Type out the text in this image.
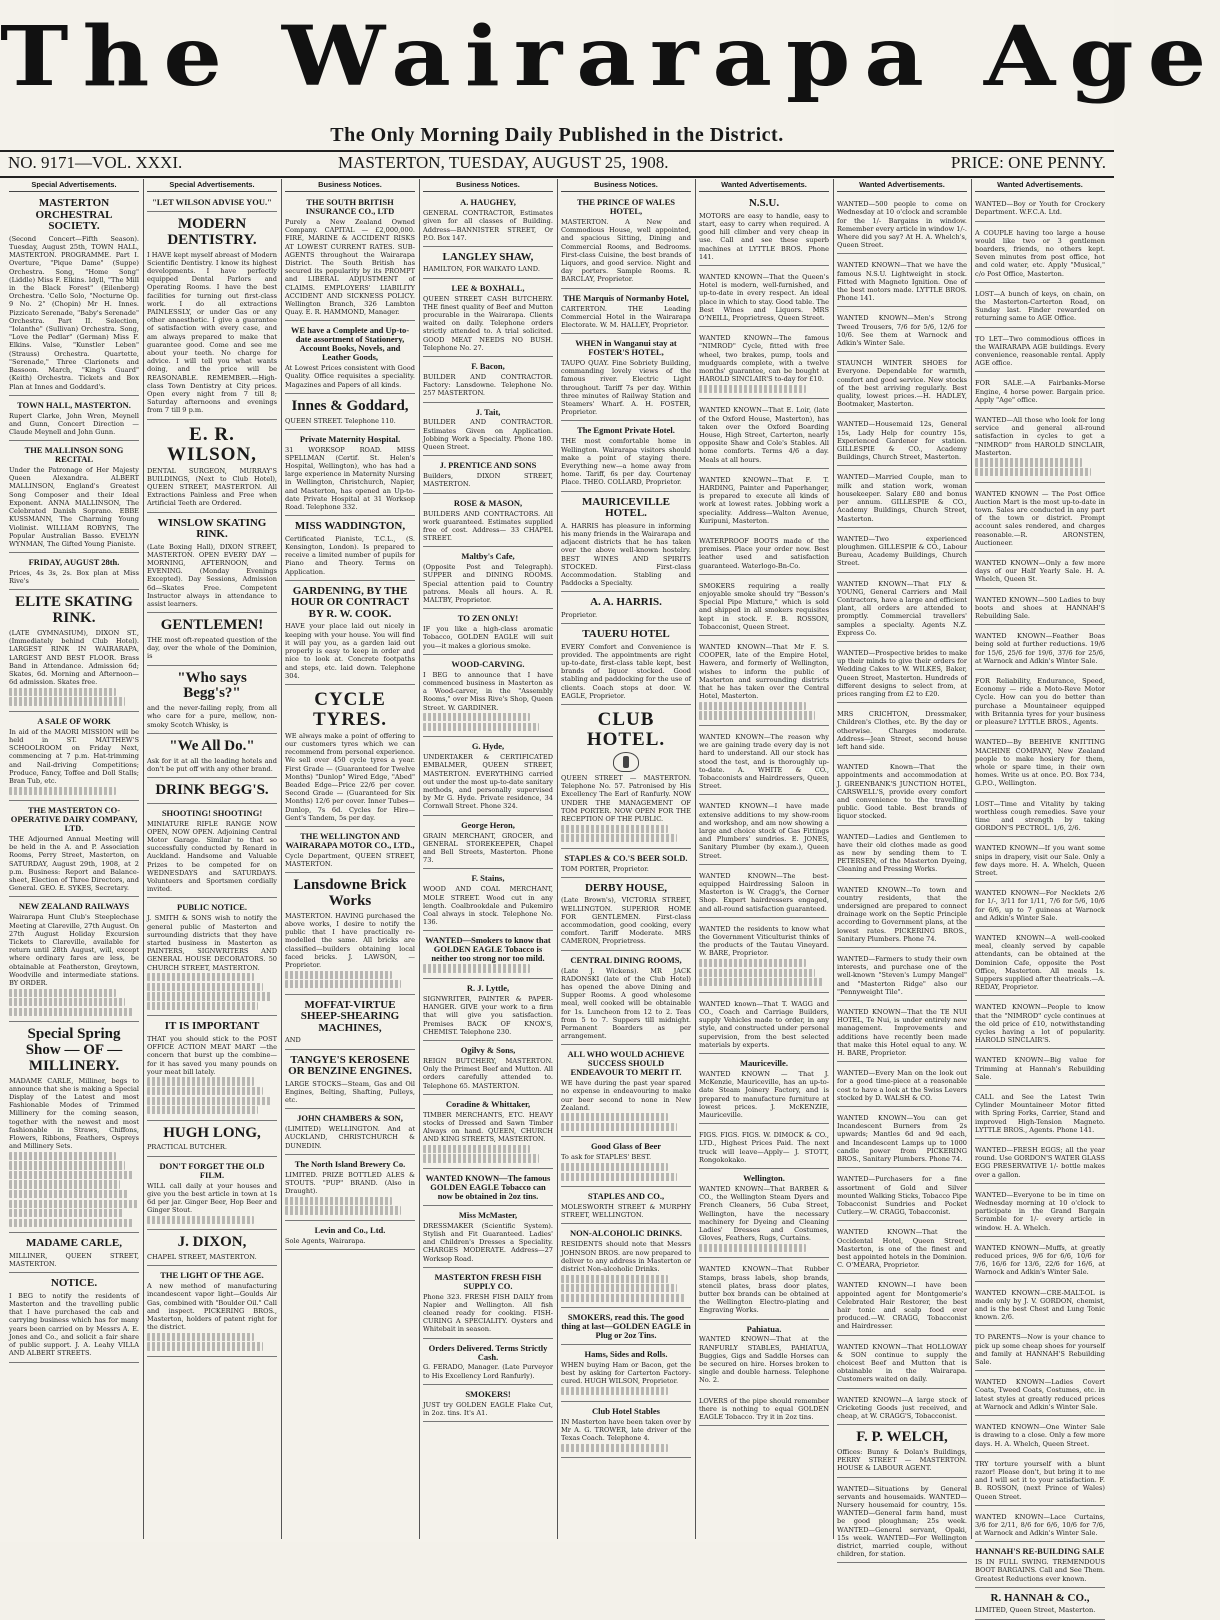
The Wairarapa Age
The Only Morning Daily Published in the District.
NO. 9171—VOL. XXXI.	MASTERTON, TUESDAY, AUGUST 25, 1908.	PRICE: ONE PENNY.
Special Advertisements.
MASTERTON ORCHESTRAL SOCIETY.
(Second Concert—Fifth Season). Tuesday, August 25th, TOWN HALL, MASTERTON. PROGRAMME. Part I. Overture, "Pique Dame" (Suppe) Orchestra. Song, "Home Song" (Liddle) Miss F. Elkins. Idyll, "The Mill in the Black Forest" (Eilenberg) Orchestra. 'Cello Solo, "Nocturne Op. 9 No. 2" (Chopin) Mr H. Innes. Pizzicato Serenade, "Baby's Serenade" Orchestra. Part II. Selection, "Iolanthe" (Sullivan) Orchestra. Song, "Love the Pedlar" (German) Miss F. Elkins. Valse, "Kunstler Leben" (Strauss) Orchestra. Quartette, "Serenade," Three Clarionets and Bassoon. March, "King's Guard" (Keith) Orchestra. Tickets and Box Plan at Innes and Goddard's.
TOWN HALL, MASTERTON.
Rupert Clarke, John Wren, Meynell and Gunn, Concert Direction — Claude Meynell and John Gunn.
THE MALLINSON SONG RECITAL
Under the Patronage of Her Majesty Queen Alexandra. ALBERT MALLINSON, England's Greatest Song Composer and their Ideal Exponent. ANNA MALLINSON, The Celebrated Danish Soprano. EBBE KUSSMANN, The Charming Young Violinist. WILLIAM ROBYNS, The Popular Australian Basso. EVELYN WYNMAN, The Gifted Young Pianiste.
FRIDAY, AUGUST 28th.
Prices, 4s 3s, 2s. Box plan at Miss Rive's
ELITE SKATING RINK.
(LATE GYMNASIUM), DIXON ST., (Immediately behind Club Hotel). LARGEST RINK IN WAIRARAPA, LARGEST AND BEST FLOOR. Brass Band in Attendance. Admission 6d; Skates, 6d. Morning and Afternoon—6d admission. Skates free.
A SALE OF WORK
In aid of the MAORI MISSION will be held in ST. MATTHEW'S SCHOOLROOM on Friday Next, commencing at 7 p.m. Hat-trimming and Nail-driving Competitions; Produce, Fancy, Toffee and Doll Stalls; Bran Tub, etc.
THE MASTERTON CO-OPERATIVE DAIRY COMPANY, LTD.
THE Adjourned Annual Meeting will be held in the A. and P. Association Rooms, Perry Street, Masterton, on SATURDAY, August 29th, 1908, at 2 p.m. Business: Report and Balance-sheet, Election of Three Directors, and General. GEO. E. SYKES, Secretary.
NEW ZEALAND RAILWAYS
Wairarapa Hunt Club's Steeplechase Meeting at Clareville, 27th August. On 27th August Holiday Excursion Tickets to Clareville, available for return until 28th August, will, except where ordinary fares are less, be obtainable at Featherston, Greytown, Woodville and intermediate stations. BY ORDER.
Special Spring Show — OF — MILLINERY.
MADAME CARLE, Milliner, begs to announce that she is making a Special Display of the Latest and most Fashionable Modes of Trimmed Millinery for the coming season, together with the newest and most fashionable in Straws, Chiffons, Flowers, Ribbons, Feathers, Ospreys and Millinery Sets.
MADAME CARLE,
MILLINER, QUEEN STREET, MASTERTON.
NOTICE.
I BEG to notify the residents of Masterton and the travelling public that I have purchased the cab and carrying business which has for many years been carried on by Messrs A. E. Jones and Co., and solicit a fair share of public support. J. A. Leahy VILLA AND ALBERT STREETS.
Special Advertisements.
"LET WILSON ADVISE YOU."
MODERN DENTISTRY.
I HAVE kept myself abreast of Modern Scientific Dentistry. I know its highest developments. I have perfectly equipped Dental Parlors and Operating Rooms. I have the best facilities for turning out first-class work. I do all extractions PAINLESSLY, or under Gas or any other anaesthetic. I give a guarantee of satisfaction with every case, and am always prepared to make that guarantee good. Come and see me about your teeth. No charge for advice. I will tell you what wants doing, and the price will be REASONABLE. REMEMBER.—High-class Town Dentistry at City prices. Open every night from 7 till 8; Saturday afternoons and evenings from 7 till 9 p.m.
E. R. WILSON,
DENTAL SURGEON, MURRAY'S BUILDINGS, (Next to Club Hotel), QUEEN STREET, MASTERTON. All Extractions Painless and Free when Artificial Teeth are Ordered.
WINSLOW SKATING RINK.
(Late Boxing Hall), DIXON STREET, MASTERTON. OPEN EVERY DAY — MORNING, AFTERNOON, and EVENING. (Monday Evenings Excepted). Day Sessions, Admission 6d—Skates Free. Competent Instructor always in attendance to assist learners.
GENTLEMEN!
THE most oft-repeated question of the day, over the whole of the Dominion, is
"Who says Begg's?"
and the never-failing reply, from all who care for a pure, mellow, non-smoky Scotch Whisky, is
"We All Do."
Ask for it at all the leading hotels and don't be put off with any other brand.
DRINK BEGG'S.
SHOOTING! SHOOTING!
MINIATURE RIFLE RANGE NOW OPEN, NOW OPEN. Adjoining Central Motor Garage. Similar to that so successfully conducted by Renard in Auckland. Handsome and Valuable Prizes to be competed for on WEDNESDAYS and SATURDAYS. Volunteers and Sportsmen cordially invited.
PUBLIC NOTICE.
J. SMITH & SONS wish to notify the general public of Masterton and surrounding districts that they have started business in Masterton as PAINTERS, SIGNWRITERS AND GENERAL HOUSE DECORATORS. 50 CHURCH STREET, MASTERTON.
IT IS IMPORTANT
THAT you should stick to the POST OFFICE ACTION MEAT MART —the concern that burst up the combine—for it has saved you many pounds on your meat bill lately.
HUGH LONG,
PRACTICAL BUTCHER.
DON'T FORGET THE OLD FILM.
WILL call daily at your houses and give you the best article in town at 1s 6d per jar. Ginger Beer, Hop Beer and Ginger Stout.
J. DIXON,
CHAPEL STREET, MASTERTON.
THE LIGHT OF THE AGE.
A new method of manufacturing incandescent vapor light—Goulds Air Gas, combined with "Boulder Oil." Call and inspect. PICKERING BROS., Masterton, holders of patent right for the district.
Business Notices.
THE SOUTH BRITISH INSURANCE CO., LTD
Purely a New Zealand Owned Company. CAPITAL — £2,000,000. FIRE, MARINE & ACCIDENT RISKS AT LOWEST CURRENT RATES. SUB-AGENTS throughout the Wairarapa District. The South British has secured its popularity by its PROMPT and LIBERAL ADJUSTMENT of CLAIMS. EMPLOYERS' LIABILITY ACCIDENT AND SICKNESS POLICY. Wellington Branch, 326 Lambton Quay. E. R. HAMMOND, Manager.
WE have a Complete and Up-to-date assortment of Stationery, Account Books, Novels, and Leather Goods,
At Lowest Prices consistent with Good Quality. Office requisites a speciality. Magazines and Papers of all kinds.
Innes & Goddard,
QUEEN STREET. Telephone 110.
Private Maternity Hospital.
31 WORKSOP ROAD. MISS SPELLMAN (Certif. St. Helen's Hospital, Wellington), who has had a large experience in Maternity Nursing in Wellington, Christchurch, Napier, and Masterton, has opened an Up-to-date Private Hospital at 31 Worksop Road. Telephone 332.
MISS WADDINGTON,
Certificated Pianiste, T.C.L., (S. Kensington, London). Is prepared to receive a limited number of pupils for Piano and Theory. Terms on Application.
GARDENING, BY THE HOUR OR CONTRACT BY R. W. COOK.
HAVE your place laid out nicely in keeping with your house. You will find it will pay you, as a garden laid out properly is easy to keep in order and nice to look at. Concrete footpaths and steps, etc. laid down. Telephone 304.
CYCLE TYRES.
WE always make a point of offering to our customers tyres which we can recommend from personal experience. We sell over 450 cycle tyres a year. First Grade — (Guaranteed for Twelve Months) "Dunlop" Wired Edge, "Abed" Beaded Edge—Price 22/6 per cover. Second Grade — (Guaranteed for Six Months) 12/6 per cover. Inner Tubes— Dunlop, 7s 6d. Cycles for Hire— Gent's Tandem, 5s per day.
THE WELLINGTON AND WAIRARAPA MOTOR CO., LTD.,
Cycle Department, QUEEN STREET, MASTERTON.
Lansdowne Brick Works
MASTERTON. HAVING purchased the above works, I desire to notify the public that I have practically re-modelled the same. All bricks are classified—builders obtaining local faced bricks. J. LAWSON, — Proprietor.
MOFFAT-VIRTUE SHEEP-SHEARING MACHINES,
AND
TANGYE'S KEROSENE OR BENZINE ENGINES.
LARGE STOCKS—Steam, Gas and Oil Engines, Belting, Shafting, Pulleys, etc.
JOHN CHAMBERS & SON,
(LIMITED) WELLINGTON. And at AUCKLAND, CHRISTCHURCH & DUNEDIN.
The North Island Brewery Co.
LIMITED. PRIZE BOTTLED ALES & STOUTS. "PUP" BRAND. (Also in Draught).
Levin and Co., Ltd.
Sole Agents, Wairarapa.
Business Notices.
A. HAUGHEY,
GENERAL CONTRACTOR, Estimates given for all classes of Building. Address—BANNISTER STREET, Or P.O. Box 147.
LANGLEY SHAW,
HAMILTON, FOR WAIKATO LAND.
LEE & BOXHALL,
QUEEN STREET CASH BUTCHERY. THE finest quality of Beef and Mutton procurable in the Wairarapa. Clients waited on daily. Telephone orders strictly attended to. A trial solicited. GOOD MEAT NEEDS NO BUSH. Telephone No. 27.
F. Bacon,
BUILDER AND CONTRACTOR. Factory: Lansdowne. Telephone No. 257 MASTERTON.
J. Tait,
BUILDER AND CONTRACTOR. Estimates Given on Application. Jobbing Work a Specialty. Phone 180. Queen Street.
J. PRENTICE AND SONS
Builders, DIXON STREET, MASTERTON.
ROSE & MASON,
BUILDERS AND CONTRACTORS. All work guaranteed. Estimates supplied free of cost. Address— 33 CHAPEL STREET.
Maltby's Cafe,
(Opposite Post and Telegraph). SUPPER and DINING ROOMS. Special attention paid to Country patrons. Meals all hours. A. R. MALTBY, Proprietor.
TO ZEN ONLY!
IF you like a high-class aromatic Tobacco, GOLDEN EAGLE will suit you—it makes a glorious smoke.
WOOD-CARVING.
I BEG to announce that I have commenced business in Masterton as a Wood-carver, in the "Assembly Rooms," over Miss Rive's Shop, Queen Street. W. GARDINER.
G. Hyde,
UNDERTAKER & CERTIFICATED EMBALMER, QUEEN STREET, MASTERTON. EVERYTHING carried out under the most up-to-date sanitary methods, and personally supervised by Mr G. Hyde. Private residence, 34 Cornwall Street. Phone 324.
George Heron,
GRAIN MERCHANT, GROCER, and GENERAL STOREKEEPER, Chapel and Bell Streets, Masterton. Phone 73.
F. Stains,
WOOD AND COAL MERCHANT, MOLE STREET. Wood cut in any length. Coalbrookdale and Pukemiro Coal always in stock. Telephone No. 136.
WANTED—Smokers to know that GOLDEN EAGLE Tobacco is neither too strong nor too mild.
R. J. Lyttle,
SIGNWRITER, PAINTER & PAPER-HANGER. GIVE your work to a firm that will give you satisfaction. Premises BACK OF KNOX'S, CHEMIST. Telephone 230.
Ogilvy & Sons,
REIGN BUTCHERY, MASTERTON. Only the Primest Beef and Mutton. All orders carefully attended to. Telephone 65. MASTERTON.
Coradine & Whittaker,
TIMBER MERCHANTS, ETC. HEAVY stocks of Dressed and Sawn Timber Always on hand. QUEEN, CHURCH AND KING STREETS, MASTERTON.
WANTED KNOWN—The famous GOLDEN EAGLE Tobacco can now be obtained in 2oz tins.
Miss McMaster,
DRESSMAKER (Scientific System). Stylish and Fit Guaranteed. Ladies' and Children's Dresses a Speciality. CHARGES MODERATE. Address—27 Worksop Road.
MASTERTON FRESH FISH SUPPLY CO.
Phone 323. FRESH FISH DAILY from Napier and Wellington. All fish cleaned ready for cooking. FISH-CURING A SPECIALITY. Oysters and Whitebait in season.
Orders Delivered. Terms Strictly Cash.
G. FERADO, Manager. (Late Purveyor to His Excellency Lord Ranfurly).
SMOKERS!
JUST try GOLDEN EAGLE Flake Cut, in 2oz. tins. It's A1.
Business Notices.
THE PRINCE OF WALES HOTEL,
MASTERTON. A New and Commodious House, well appointed, and spacious Sitting, Dining and Commercial Rooms, and Bedrooms. First-class Cuisine, the best brands of Liquors, and good service. Night and day porters. Sample Rooms. R. BARCLAY, Proprietor.
THE Marquis of Normanby Hotel,
CARTERTON. THE Leading Commercial Hotel in the Wairarapa Electorate. W. M. HALLEY, Proprietor.
WHEN in Wanganui stay at FOSTER'S HOTEL,
TAUPO QUAY. Fine Sobriety Building, commanding lovely views of the famous river. Electric Light throughout. Tariff 7s per day. Within three minutes of Railway Station and Steamers' Wharf. A. H. FOSTER, Proprietor.
The Egmont Private Hotel.
THE most comfortable home in Wellington. Wairarapa visitors should make a point of staying there. Everything new—a home away from home. Tariff, 6s per day. Courtenay Place. THEO. COLLARD, Proprietor.
MAURICEVILLE HOTEL.
A. HARRIS has pleasure in informing his many friends in the Wairarapa and adjacent districts that he has taken over the above well-known hostelry. BEST WINES AND SPIRITS STOCKED. First-class Accommodation. Stabling and Paddocks a Specialty.
A. A. HARRIS.
Proprietor.
TAUERU HOTEL
EVERY Comfort and Convenience is provided. The appointments are right up-to-date, first-class table kept, best brands of liquor stocked. Good stabling and paddocking for the use of clients. Coach stops at door. W. EAGLE, Proprietor.
CLUB HOTEL.
QUEEN STREET — MASTERTON. Telephone No. 57. Patronised by His Excellency The Earl of Ranfurly. NOW UNDER THE MANAGEMENT OF TOM PORTER. NOW OPEN FOR THE RECEPTION OF THE PUBLIC.
STAPLES & CO.'S BEER SOLD.
TOM PORTER, Proprietor.
DERBY HOUSE,
(Late Brown's), VICTORIA STREET, WELLINGTON. SUPERIOR HOME FOR GENTLEMEN. First-class accommodation, good cooking, every comfort. Tariff Moderate. MRS CAMERON, Proprietress.
CENTRAL DINING ROOMS,
(Late J. Wickens). MR JACK RADONSKI (late of the Club Hotel) has opened the above Dining and Supper Rooms. A good wholesome meal, well cooked will be obtainable for 1s. Luncheon from 12 to 2. Teas from 5 to 7. Suppers till midnight. Permanent Boarders as per arrangement.
ALL WHO WOULD ACHIEVE SUCCESS SHOULD ENDEAVOUR TO MERIT IT.
WE have during the past year spared no expense in endeavouring to make our beer second to none in New Zealand.
Good Glass of Beer
To ask for STAPLES' BEST.
STAPLES AND CO.,
MOLESWORTH STREET & MURPHY STREET, WELLINGTON.
NON-ALCOHOLIC DRINKS.
RESIDENTS should note that Messrs JOHNSON BROS. are now prepared to deliver to any address in Masterton or district Non-alcoholic Drinks.
SMOKERS, read this. The good thing at last—GOLDEN EAGLE in Plug or 2oz Tins.
Hams, Sides and Rolls.
WHEN buying Ham or Bacon, get the best by asking for Carterton Factory-cured. HUGH WILSON, Proprietor.
Club Hotel Stables
IN Masterton have been taken over by Mr A. G. TROWER, late driver of the Texas Coach. Telephone 4.
Wanted Advertisements.
N.S.U.
MOTORS are easy to handle, easy to start, easy to carry when required. A good hill climber and very cheap in use. Call and see these superb machines at LYTTLE BROS. Phone 141.
WANTED KNOWN—That the Queen's Hotel is modern, well-furnished, and up-to-date in every respect. An ideal place in which to stay. Good table. The Best Wines and Liquors. MRS O'NEILL, Proprietress, Queen Street.
WANTED KNOWN—The famous "NIMROD" Cycle, fitted with free wheel, two brakes, pump, tools and mudguards complete, with a twelve months' guarantee, can be bought at HAROLD SINCLAIR'S to-day for £10.
WANTED KNOWN—That E. Loir, (late of the Oxford House, Masterton), has taken over the Oxford Boarding House, High Street, Carterton, nearly opposite Shaw and Cole's Stables. All home comforts. Terms 4/6 a day. Meals at all hours.
WANTED KNOWN—That F. T. HARDING, Painter and Paperhanger, is prepared to execute all kinds of work at lowest rates. Jobbing work a speciality. Address—Walton Avenue, Kuripuni, Masterton.
WATERPROOF BOOTS made of the premises. Place your order now. Best leather used and satisfaction guaranteed. Waterlogo-Bn-Co.
SMOKERS requiring a really enjoyable smoke should try "Besson's Special Pipe Mixture," which is sold and shipped in all smokers requisites kept in stock. F. B. ROSSON, Tobacconist, Queen Street.
WANTED KNOWN—That Mr F. S. COOPER, late of the Empire Hotel, Hawera, and formerly of Wellington, wishes to inform the public of Masterton and surrounding districts that he has taken over the Central Hotel, Masterton.
WANTED KNOWN—The reason why we are gaining trade every day is not hard to understand. All our stock has stood the test, and is thoroughly up-to-date. A. WHITE & CO., Tobacconists and Hairdressers, Queen Street.
WANTED KNOWN—I have made extensive additions to my show-room and workshop, and am now showing a large and choice stock of Gas Fittings and Plumbers' sundries. E. JONES, Sanitary Plumber (by exam.), Queen Street.
WANTED KNOWN—The best-equipped Hairdressing Saloon in Masterton is W. Cragg's, the Corner Shop. Expert hairdressers engaged, and all-round satisfaction guaranteed.
WANTED the residents to know what the Government Viticulturist thinks of the products of the Tautau Vineyard. W. BARE, Proprietor.
WANTED known—That T. WAGG and CO., Coach and Carriage Builders, supply Vehicles made to order, in any style, and constructed under personal supervision, from the best selected materials by experts.
Mauriceville.
WANTED KNOWN — That J. McKenzie, Mauriceville, has an up-to-date Steam Joinery Factory, and is prepared to manufacture furniture at lowest prices. J. McKENZIE, Mauriceville.
FIGS. FIGS. FIGS. W. DIMOCK & CO., LTD., Highest Prices Paid. The next truck will leave—Apply— J. STOTT, Rongokokako.
Wellington.
WANTED KNOWN—That BARBER & CO., the Wellington Steam Dyers and French Cleaners, 56 Cuba Street, Wellington, have the necessary machinery for Dyeing and Cleaning Ladies' Dresses and Costumes, Gloves, Feathers, Rugs, Curtains.
WANTED KNOWN—That Rubber Stamps, brass labels, shop brands, stencil plates, brass door plates, butter box brands can be obtained at the Wellington Electro-plating and Engraving Works.
Pahiatua.
WANTED KNOWN—That at the RANFURLY STABLES, PAHIATUA, Buggies, Gigs and Saddle Horses can be secured on hire. Horses broken to single and double harness. Telephone No. 2.
LOVERS of the pipe should remember there is nothing to equal GOLDEN EAGLE Tobacco. Try it in 2oz tins.
Wanted Advertisements.
WANTED—500 people to come on Wednesday at 10 o'clock and scramble for the 1/- Bargains in window. Remember every article in window 1/-. Where did you say? At H. A. Whelch's, Queen Street.
WANTED KNOWN—That we have the famous N.S.U. Lightweight in stock. Fitted with Magneto Ignition. One of the best motors made. LYTTLE BROS. Phone 141.
WANTED KNOWN—Men's Strong Tweed Trousers, 7/6 for 5/6, 12/6 for 10/6. See them at Warnock and Adkin's Winter Sale.
STAUNCH WINTER SHOES for Everyone. Dependable for warmth, comfort and good service. New stocks of the best arriving regularly. Best quality, lowest prices.—H. HADLEY, Bootmaker, Masterton.
WANTED—Housemaid 12s, General 15s, Lady Help for country 15s, Experienced Gardener for station. GILLESPIE & CO., Academy Buildings, Church Street, Masterton.
WANTED—Married Couple, man to milk and station work, woman housekeeper. Salary £80 and bonus per annum. GILLESPIE & CO., Academy Buildings, Church Street, Masterton.
WANTED—Two experienced ploughmen. GILLESPIE & CO., Labour Bureau, Academy Buildings, Church Street.
WANTED KNOWN—That FLY & YOUNG, General Carriers and Mail Contractors, have a large and efficient plant, all orders are attended to promptly. Commercial travellers' samples a specialty. Agents N.Z. Express Co.
WANTED—Prospective brides to make up their minds to give their orders for Wedding Cakes to W. WILKES, Baker, Queen Street, Masterton. Hundreds of different designs to select from, at prices ranging from £2 to £20.
MRS CRICHTON, Dressmaker, Children's Clothes, etc. By the day or otherwise. Charges moderate. Address—Jean Street, second house left hand side.
WANTED Known—That the appointments and accommodation at J. GREENBANK'S JUNCTION HOTEL, CARSWELL'S, provide every comfort and convenience to the travelling public. Good table. Best brands of liquor stocked.
WANTED—Ladies and Gentlemen to have their old clothes made as good as new by sending them to T. PETERSEN, of the Masterton Dyeing, Cleaning and Pressing Works.
WANTED KNOWN—To town and country residents, that the undersigned are prepared to connect drainage work on the Septic Principle according to Government plans, at the lowest rates. PICKERING BROS., Sanitary Plumbers. Phone 74.
WANTED—Farmers to study their own interests, and purchase one of the well-known "Steven's Lumpy Mangel" and "Masterton Ridge" also our "Pennyweight Tile".
WANTED KNOWN—That the TE NUI HOTEL, Te Nui, is under entirely new management. Improvements and additions have recently been made that make this Hotel equal to any. W. H. BARE, Proprietor.
WANTED—Every Man on the look out for a good time-piece at a reasonable cost to have a look at the Swiss Levers stocked by D. WALSH & CO.
WANTED KNOWN—You can get Incandescent Burners from 2s upwards; Mantles 6d and 9d each, and Incandescent Lamps up to 1000 candle power from PICKERING BROS., Sanitary Plumbers. Phone 74.
WANTED—Purchasers for a fine assortment of Gold and Silver mounted Walking Sticks, Tobacco Pipe Tobacconist Sundries and Pocket Cutlery.—W. CRAGG, Tobacconist.
WANTED KNOWN—That the Occidental Hotel, Queen Street, Masterton, is one of the finest and best appointed hotels in the Dominion. C. O'MEARA, Proprietor.
WANTED KNOWN—I have been appointed agent for Montgomerie's Celebrated Hair Restorer, the best hair tonic and scalp food ever produced.—W. CRAGG, Tobacconist and Hairdresser.
WANTED KNOWN—That HOLLOWAY & SON continue to supply the choicest Beef and Mutton that is obtainable in the Wairarapa. Customers waited on daily.
WANTED KNOWN—A large stock of Cricketing Goods just received, and cheap, at W. CRAGG'S, Tobacconist.
F. P. WELCH,
Offices: Bunny & Dolan's Buildings, PERRY STREET — MASTERTON. HOUSE & LABOUR AGENT.
WANTED—Situations by General servants and housemaids. WANTED—Nursery housemaid for country, 15s. WANTED—General farm hand, must be good ploughman; 25s week. WANTED—General servant, Opaki, 15s week. WANTED—For Wellington district, married couple, without children, for station.
Wanted Advertisements.
WANTED—Boy or Youth for Crockery Department. W.F.C.A. Ltd.
A COUPLE having too large a house would like two or 3 gentlemen boarders, friends, no others kept. Seven minutes from post office, hot and cold water, etc. Apply "Musical," c/o Post Office, Masterton.
LOST—A bunch of keys, on chain, on the Masterton-Carterton Road, on Sunday last. Finder rewarded on returning same to AGE Office.
TO LET—Two commodious offices in the WAIRARAPA AGE buildings. Every convenience, reasonable rental. Apply AGE office.
FOR SALE.—A Fairbanks-Morse Engine, 4 horse power. Bargain price. Apply "Age" office.
WANTED—All those who look for long service and general all-round satisfaction in cycles to get a "NIMROD" from HAROLD SINCLAIR, Masterton.
WANTED KNOWN — The Post Office Auction Mart is the most up-to-date in town. Sales are conducted in any part of the town or district. Prompt account sales rendered, and charges reasonable.—R. ARONSTEN, Auctioneer.
WANTED KNOWN—Only a few more days of our Half Yearly Sale. H. A. Whelch, Queen St.
WANTED KNOWN—500 Ladies to buy boots and shoes at HANNAH'S Rebuilding Sale.
WANTED KNOWN—Feather Boas being sold at further reductions. 19/6 for 15/6, 25/6 for 19/6, 37/6 for 25/6, at Warnock and Adkin's Winter Sale.
FOR Reliability, Endurance, Speed, Economy — ride a Moto-Reve Motor Cycle. How can you do better than purchase a Mountaineer equipped with Britannia tyres for your business or pleasure? LYTTLE BROS., Agents.
WANTED—By BEEHIVE KNITTING MACHINE COMPANY, New Zealand people to make hosiery for them, whole or spare time, in their own homes. Write us at once. P.O. Box 734, G.P.O., Wellington.
LOST—Time and Vitality by taking worthless cough remedies. Save your time and strength by taking GORDON'S PECTROL. 1/6, 2/6.
WANTED KNOWN—If you want some snips in drapery, visit our Sale. Only a few days more. H. A. Whelch, Queen Street.
WANTED KNOWN—For Necklets 2/6 for 1/-, 3/11 for 1/11, 7/6 for 5/6, 10/6 for 6/6, up to 7 guineas at Warnock and Adkin's Winter Sale.
WANTED KNOWN—A well-cooked meal, cleanly served by capable attendants, can be obtained at the Dominion Cafe, opposite the Post Office, Masterton. All meals 1s. Suppers supplied after theatricals.—A. REDAY, Proprietor.
WANTED KNOWN—People to know that the "NIMROD" cycle continues at the old price of £10, notwithstanding cycles having a lot of popularity. HAROLD SINCLAIR'S.
WANTED KNOWN—Big value for Trimming at Hannah's Rebuilding Sale.
CALL and See the Latest Twin Cylinder Mountaineer Motor fitted with Spring Forks, Carrier, Stand and improved High-Tension Magneto. LYTTLE BROS., Agents. Phone 141.
WANTED—FRESH EGGS; all the year round. Use GORDON'S WATER GLASS EGG PRESERVATIVE 1/- bottle makes over a gallon.
WANTED—Everyone to be in time on Wednesday morning at 10 o'clock to participate in the Grand Bargain Scramble for 1/- every article in window. H. A. Whelch.
WANTED KNOWN—Muffs, at greatly reduced prices, 9/6 for 6/6, 10/6 for 7/6, 16/6 for 13/6, 22/6 for 16/6, at Warnock and Adkin's Winter Sale.
WANTED KNOWN—CRE-MALT-OL is made only by J. V. GORDON, chemist, and is the best Chest and Lung Tonic known. 2/6.
TO PARENTS—Now is your chance to pick up some cheap shoes for yourself and family at HANNAH'S Rebuilding Sale.
WANTED KNOWN—Ladies Covert Coats, Tweed Coats, Costumes, etc. in latest styles at greatly reduced prices at Warnock and Adkin's Winter Sale.
WANTED KNOWN—One Winter Sale is drawing to a close. Only a few more days. H. A. Whelch, Queen Street.
TRY torture yourself with a blunt razor! Please don't, but bring it to me and I will set it to your satisfaction. F. B. ROSSON, (next Prince of Wales) Queen Street.
WANTED KNOWN—Lace Curtains, 3/6 for 2/11, 8/6 for 6/6, 10/6 for 7/6, at Warnock and Adkin's Winter Sale.
HANNAH'S RE-BUILDING SALE
IS IN FULL SWING. TREMENDOUS BOOT BARGAINS. Call and See Them. Greatest Reductions ever known.
R. HANNAH & CO.,
LIMITED, Queen Street, Masterton.
